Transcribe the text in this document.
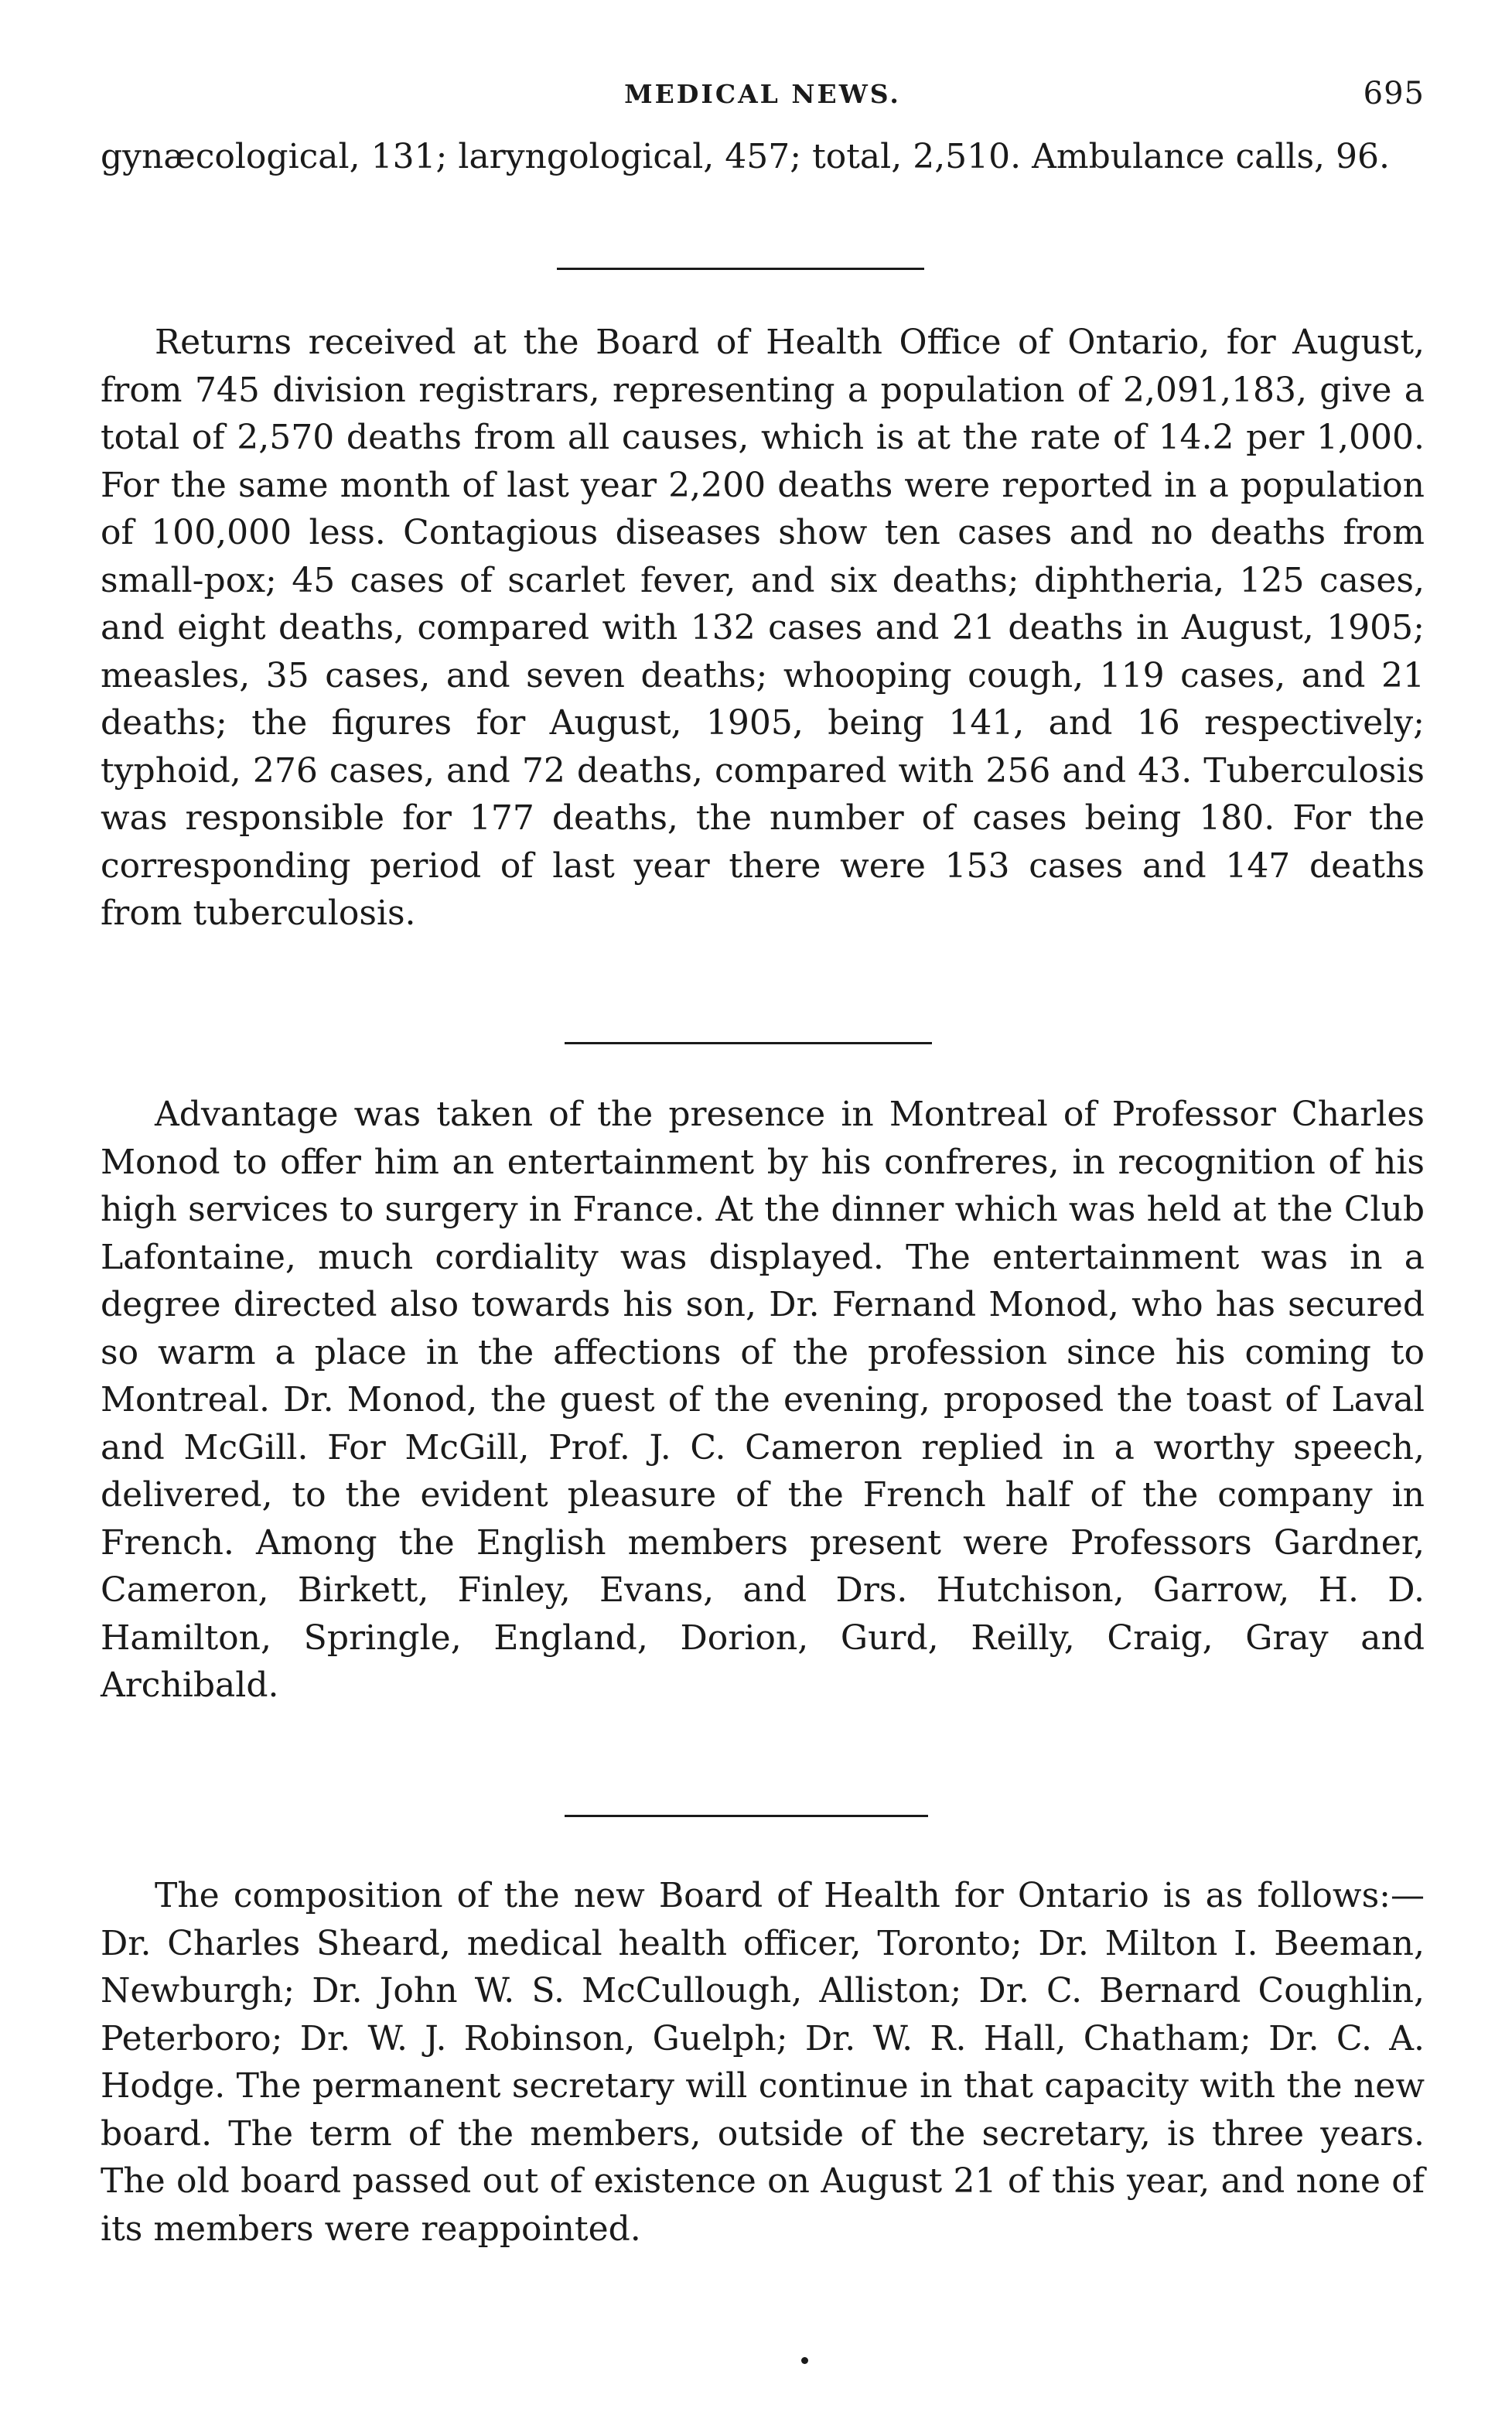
MEDICAL NEWS.	695

gynæcological, 131; laryngological, 457; total, 2,510. Ambulance calls, 96.

Returns received at the Board of Health Office of Ontario, for August, from 745 division registrars, representing a population of 2,091,183, give a total of 2,570 deaths from all causes, which is at the rate of 14.2 per 1,000. For the same month of last year 2,200 deaths were reported in a population of 100,000 less. Contagious diseases show ten cases and no deaths from small-pox; 45 cases of scarlet fever, and six deaths; diphtheria, 125 cases, and eight deaths, compared with 132 cases and 21 deaths in August, 1905; measles, 35 cases, and seven deaths; whooping cough, 119 cases, and 21 deaths; the figures for August, 1905, being 141, and 16 respectively; typhoid, 276 cases, and 72 deaths, compared with 256 and 43. Tuberculosis was responsible for 177 deaths, the number of cases being 180. For the corresponding period of last year there were 153 cases and 147 deaths from tuberculosis.

Advantage was taken of the presence in Montreal of Professor Charles Monod to offer him an entertainment by his confreres, in recognition of his high services to surgery in France. At the dinner which was held at the Club Lafontaine, much cordiality was displayed. The entertainment was in a degree directed also towards his son, Dr. Fernand Monod, who has secured so warm a place in the affections of the profession since his coming to Montreal. Dr. Monod, the guest of the evening, proposed the toast of Laval and McGill. For McGill, Prof. J. C. Cameron replied in a worthy speech, delivered, to the evident pleasure of the French half of the company in French. Among the English members present were Professors Gardner, Cameron, Birkett, Finley, Evans, and Drs. Hutchison, Garrow, H. D. Hamilton, Springle, England, Dorion, Gurd, Reilly, Craig, Gray and Archibald.

The composition of the new Board of Health for Ontario is as follows:—Dr. Charles Sheard, medical health officer, Toronto; Dr. Milton I. Beeman, Newburgh; Dr. John W. S. McCullough, Alliston; Dr. C. Bernard Coughlin, Peterboro; Dr. W. J. Robinson, Guelph; Dr. W. R. Hall, Chatham; Dr. C. A. Hodge. The permanent secretary will continue in that capacity with the new board. The term of the members, outside of the secretary, is three years. The old board passed out of existence on August 21 of this year, and none of its members were reappointed.
